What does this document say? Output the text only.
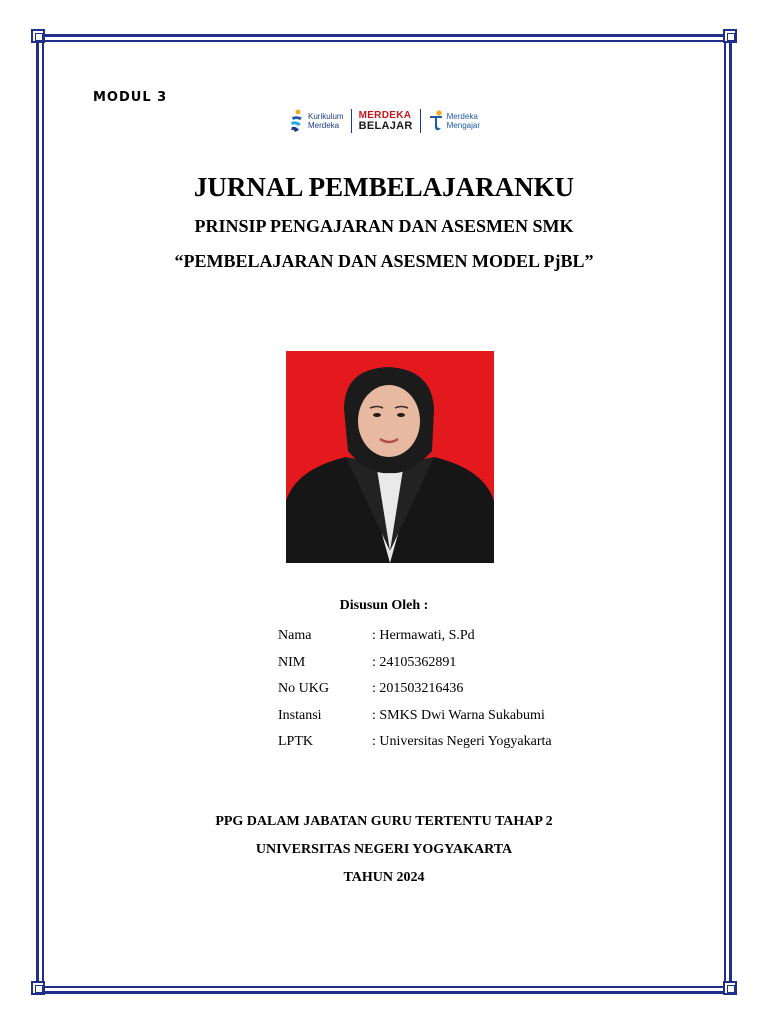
MODUL 3
Kurikulum
Merdeka
MERDEKA
BELAJAR
Merdeka
Mengajar
JURNAL PEMBELAJARANKU
PRINSIP PENGAJARAN DAN ASESMEN SMK
“PEMBELAJARAN DAN ASESMEN MODEL PjBL”
Disusun Oleh :
Nama	: Hermawati, S.Pd
NIM	: 24105362891
No UKG	: 201503216436
Instansi	: SMKS Dwi Warna Sukabumi
LPTK	: Universitas Negeri Yogyakarta
PPG DALAM JABATAN GURU TERTENTU TAHAP 2
UNIVERSITAS NEGERI YOGYAKARTA
TAHUN 2024
